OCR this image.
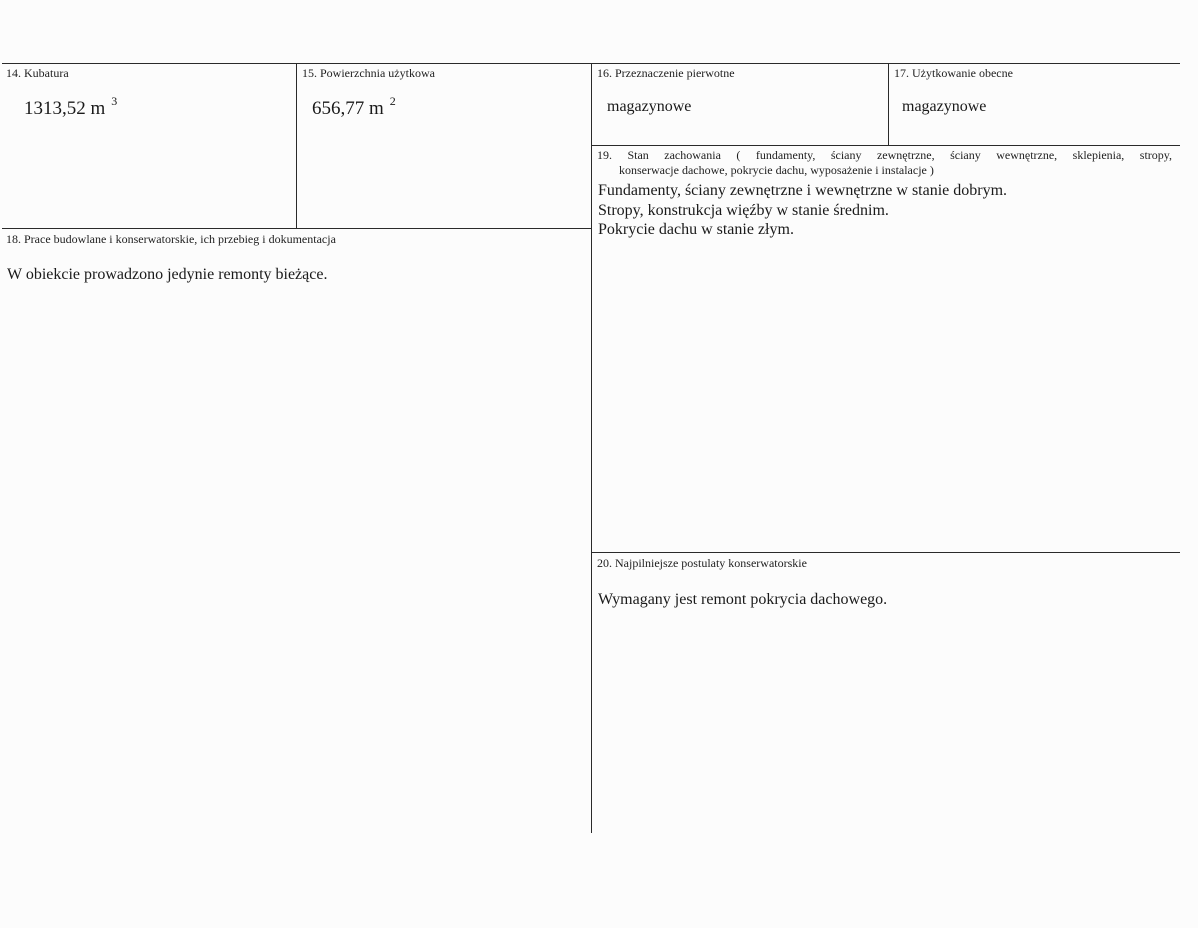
14. Kubatura
1313,52 m $^3$
15. Powierzchnia użytkowa
656,77 m $^2$
16. Przeznaczenie pierwotne
magazynowe
17. Użytkowanie obecne
magazynowe
19. Stan zachowania ( fundamenty, ściany zewnętrzne, ściany wewnętrzne, sklepienia, stropy,
konserwacje dachowe, pokrycie dachu, wyposażenie i instalacje )
Fundamenty, ściany zewnętrzne i wewnętrzne w stanie dobrym.
Stropy, konstrukcja więźby w stanie średnim.
Pokrycie dachu w stanie złym.
18. Prace budowlane i konserwatorskie, ich przebieg i dokumentacja
W obiekcie prowadzono jedynie remonty bieżące.
20. Najpilniejsze postulaty konserwatorskie
Wymagany jest remont pokrycia dachowego.
